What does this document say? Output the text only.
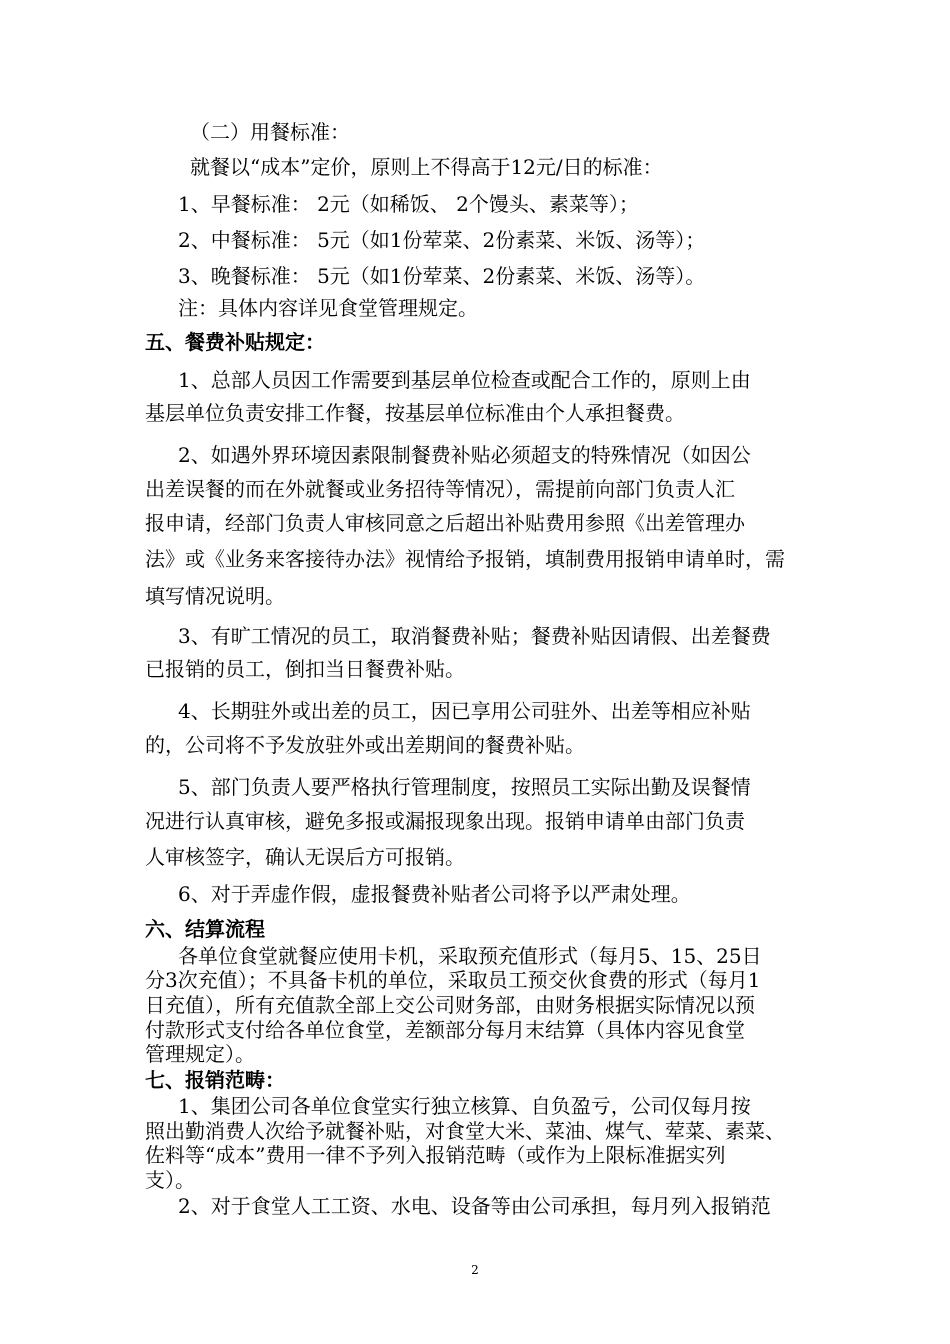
（二）用餐标准：
就餐以“成本”定价，原则上不得高于12元/日的标准：
1、早餐标准： 2元（如稀饭、 2个馒头、素菜等）；
2、中餐标准： 5元（如1份荤菜、2份素菜、米饭、汤等）；
3、晚餐标准： 5元（如1份荤菜、2份素菜、米饭、汤等）。
注：具体内容详见食堂管理规定。
五、餐费补贴规定：
1、总部人员因工作需要到基层单位检查或配合工作的，原则上由
基层单位负责安排工作餐，按基层单位标准由个人承担餐费。
2、如遇外界环境因素限制餐费补贴必须超支的特殊情况（如因公
出差误餐的而在外就餐或业务招待等情况），需提前向部门负责人汇
报申请，经部门负责人审核同意之后超出补贴费用参照《出差管理办
法》或《业务来客接待办法》视情给予报销，填制费用报销申请单时，需
填写情况说明。
3、有旷工情况的员工，取消餐费补贴；餐费补贴因请假、出差餐费
已报销的员工，倒扣当日餐费补贴。
4、长期驻外或出差的员工，因已享用公司驻外、出差等相应补贴
的，公司将不予发放驻外或出差期间的餐费补贴。
5、部门负责人要严格执行管理制度，按照员工实际出勤及误餐情
况进行认真审核，避免多报或漏报现象出现。报销申请单由部门负责
人审核签字，确认无误后方可报销。
6、对于弄虚作假，虚报餐费补贴者公司将予以严肃处理。
六、结算流程
各单位食堂就餐应使用卡机，采取预充值形式（每月5、15、25日
分3次充值）；不具备卡机的单位，采取员工预交伙食费的形式（每月1
日充值），所有充值款全部上交公司财务部，由财务根据实际情况以预
付款形式支付给各单位食堂，差额部分每月末结算（具体内容见食堂
管理规定）。
七、报销范畴：
1、集团公司各单位食堂实行独立核算、自负盈亏，公司仅每月按
照出勤消费人次给予就餐补贴，对食堂大米、菜油、煤气、荤菜、素菜、
佐料等“成本”费用一律不予列入报销范畴（或作为上限标准据实列
支）。
2、对于食堂人工工资、水电、设备等由公司承担，每月列入报销范
2
